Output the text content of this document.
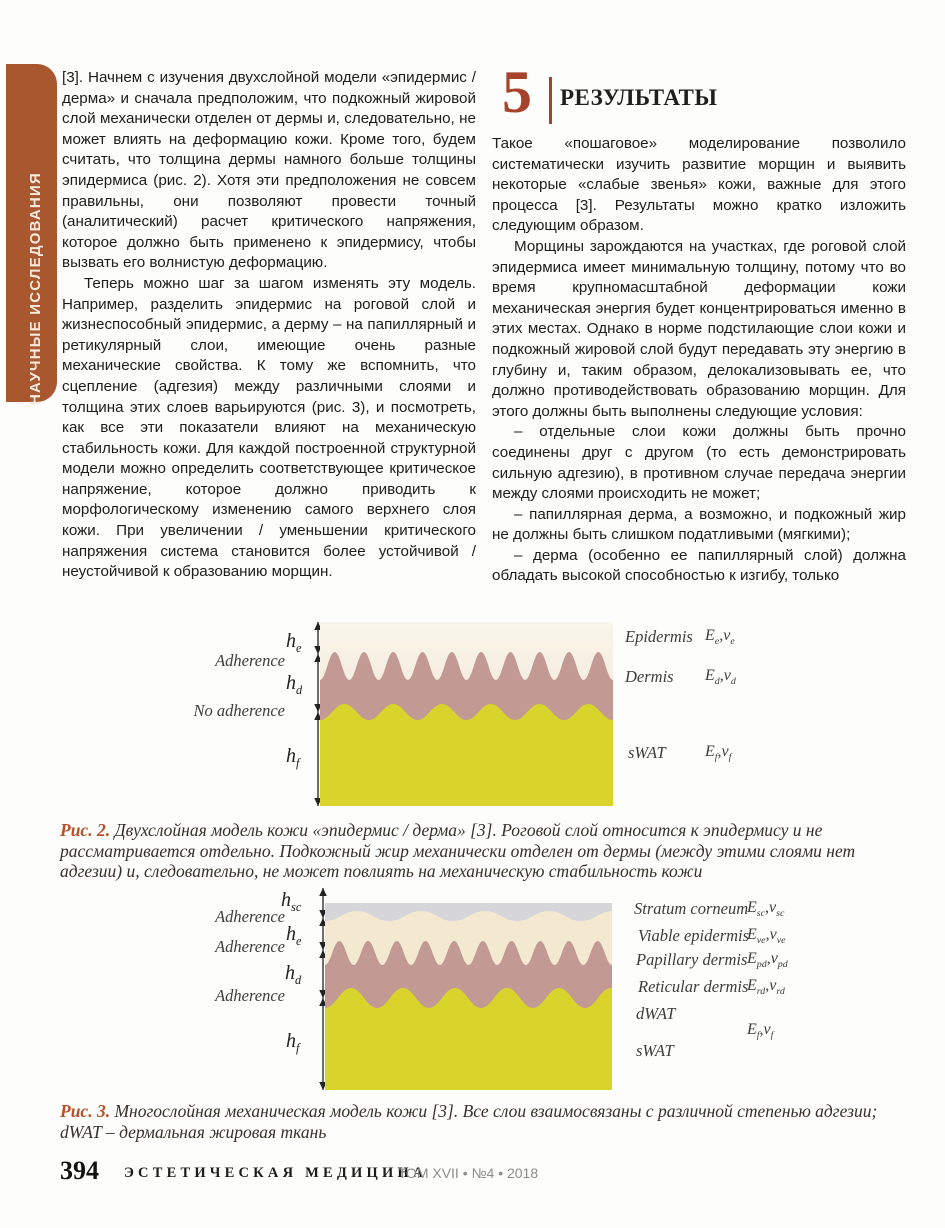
НАУЧНЫЕ ИССЛЕДОВАНИЯ

[3]. Начнем с изучения двухслойной модели «эпидермис / дерма» и сначала предположим, что подкожный жировой слой механически отделен от дермы и, следовательно, не может влиять на деформацию кожи. Кроме того, будем считать, что толщина дермы намного больше толщины эпидермиса (рис. 2). Хотя эти предположения не совсем правильны, они позволяют провести точный (аналитический) расчет критического напряжения, которое должно быть применено к эпидермису, чтобы вызвать его волнистую деформацию.

Теперь можно шаг за шагом изменять эту модель. Например, разделить эпидермис на роговой слой и жизнеспособный эпидермис, а дерму – на папиллярный и ретикулярный слои, имеющие очень разные механические свойства. К тому же вспомнить, что сцепление (адгезия) между различными слоями и толщина этих слоев варьируются (рис. 3), и посмотреть, как все эти показатели влияют на механическую стабильность кожи. Для каждой построенной структурной модели можно определить соответствующее критическое напряжение, которое должно приводить к морфологическому изменению самого верхнего слоя кожи. При увеличении / уменьшении критического напряжения система становится более устойчивой / неустойчивой к образованию морщин.

5 РЕЗУЛЬТАТЫ

Такое «пошаговое» моделирование позволило систематически изучить развитие морщин и выявить некоторые «слабые звенья» кожи, важные для этого процесса [3]. Результаты можно кратко изложить следующим образом.

Морщины зарождаются на участках, где роговой слой эпидермиса имеет минимальную толщину, потому что во время крупномасштабной деформации кожи механическая энергия будет концентрироваться именно в этих местах. Однако в норме подстилающие слои кожи и подкожный жировой слой будут передавать эту энергию в глубину и, таким образом, делокализовывать ее, что должно противодействовать образованию морщин. Для этого должны быть выполнены следующие условия:

– отдельные слои кожи должны быть прочно соединены друг с другом (то есть демонстрировать сильную адгезию), в противном случае передача энергии между слоями происходить не может;

– папиллярная дерма, а возможно, и подкожный жир не должны быть слишком податливыми (мягкими);

– дерма (особенно ее папиллярный слой) должна обладать высокой способностью к изгибу, только

Adherence
No adherence
$h_e$
$h_d$
$h_f$
Epidermis $E_e,v_e$
Dermis $E_d,v_d$
sWAT $E_f,v_f$
Рис. 2. Двухслойная модель кожи «эпидермис / дерма» [3]. Роговой слой относится к эпидермису и не рассматривается отдельно. Подкожный жир механически отделен от дермы (между этими слоями нет адгезии) и, следовательно, не может повлиять на механическую стабильность кожи
$h_{sc}$
Adherence
$h_e$
Adherence
$h_d$
Adherence
$h_f$
Stratum corneum
$E_{sc},v_{sc}$
Viable epidermis
$E_{ve},v_{ve}$
Papillary dermis $E_{pd},v_{pd}$
Reticular dermis
$E_{rd},v_{rd}$
dWAT
$E_f,v_f$
sWAT
Рис. 3. Многослойная механическая модель кожи [3]. Все слои взаимосвязаны с различной степенью адгезии; dWAT – дермальная жировая ткань
394 ЭСТЕТИЧЕСКАЯ МЕДИЦИНА
ТОМ XVII • №4 • 2018
